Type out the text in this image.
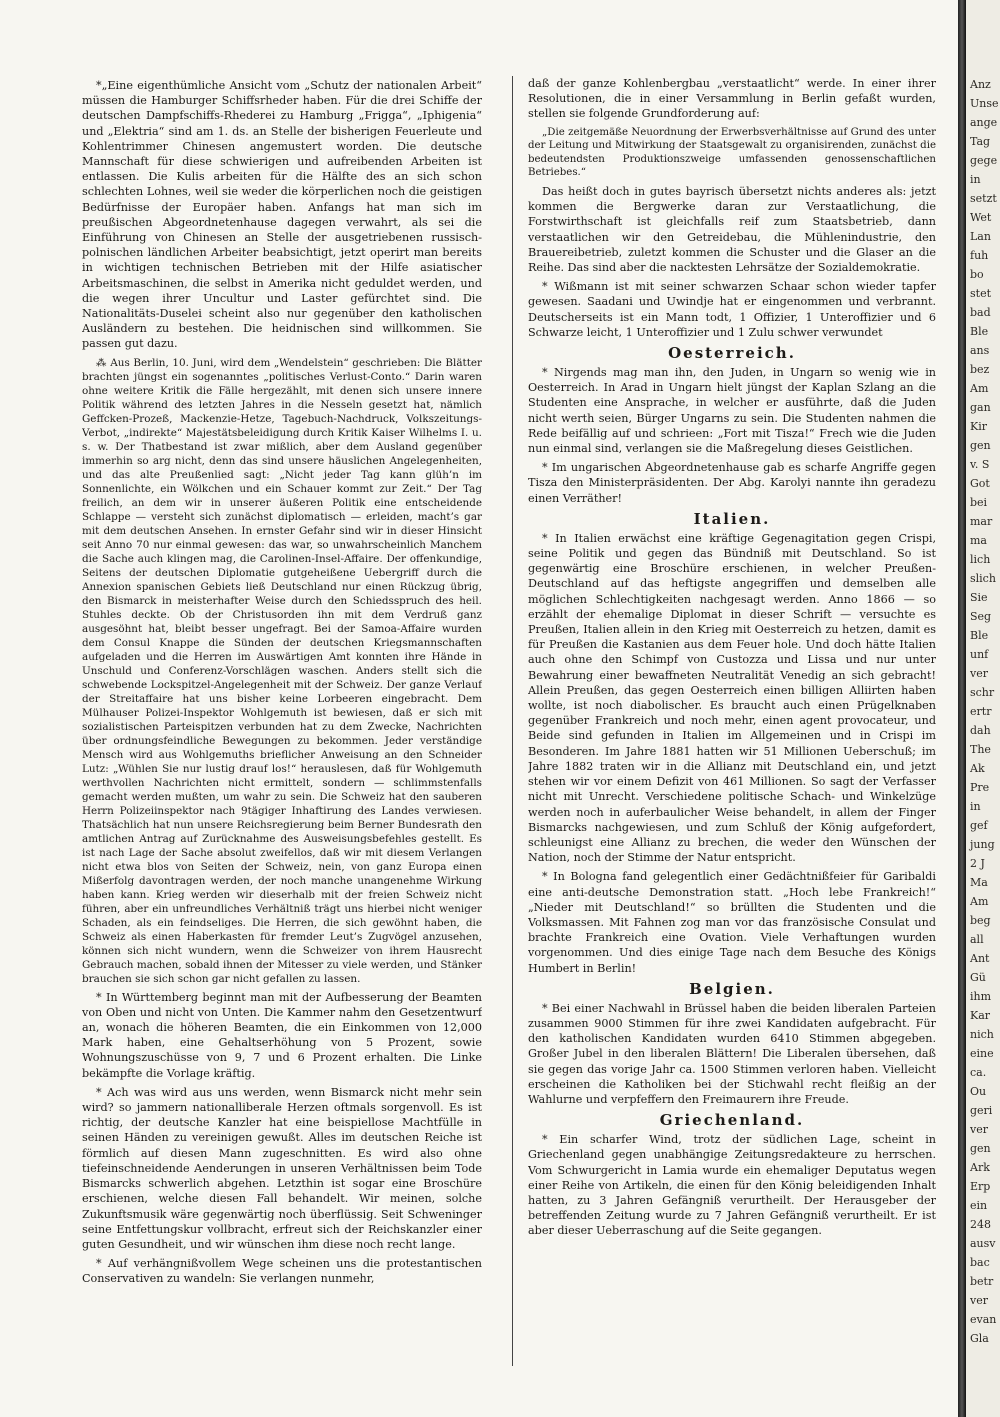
*„Eine eigenthümliche Ansicht vom „Schutz der nationalen Arbeit“ müssen die Hamburger Schiffsrheder haben. Für die drei Schiffe der deutschen Dampfschiffs-Rhederei zu Hamburg „Frigga“, „Iphigenia“ und „Elektria“ sind am 1. ds. an Stelle der bisherigen Feuerleute und Kohlentrimmer Chinesen angemustert worden. Die deutsche Mannschaft für diese schwierigen und aufreibenden Arbeiten ist entlassen. Die Kulis arbeiten für die Hälfte des an sich schon schlechten Lohnes, weil sie weder die körperlichen noch die geistigen Bedürfnisse der Europäer haben. Anfangs hat man sich im preußischen Abgeordnetenhause dagegen verwahrt, als sei die Einführung von Chinesen an Stelle der ausgetriebenen russisch-polnischen ländlichen Arbeiter beabsichtigt, jetzt operirt man bereits in wichtigen technischen Betrieben mit der Hilfe asiatischer Arbeitsmaschinen, die selbst in Amerika nicht geduldet werden, und die wegen ihrer Uncultur und Laster gefürchtet sind. Die Nationalitäts-Duselei scheint also nur gegenüber den katholischen Ausländern zu bestehen. Die heidnischen sind willkommen. Sie passen gut dazu.

⁂ Aus Berlin, 10. Juni, wird dem „Wendelstein“ geschrieben: Die Blätter brachten jüngst ein sogenanntes „politisches Verlust-Conto.“ Darin waren ohne weitere Kritik die Fälle hergezählt, mit denen sich unsere innere Politik während des letzten Jahres in die Nesseln gesetzt hat, nämlich Geffcken-Prozeß, Mackenzie-Hetze, Tagebuch-Nachdruck, Volkszeitungs-Verbot, „indirekte“ Majestätsbeleidigung durch Kritik Kaiser Wilhelms I. u. s. w. Der Thatbestand ist zwar mißlich, aber dem Ausland gegenüber immerhin so arg nicht, denn das sind unsere häuslichen Angelegenheiten, und das alte Preußenlied sagt: „Nicht jeder Tag kann glüh’n im Sonnenlichte, ein Wölkchen und ein Schauer kommt zur Zeit.“ Der Tag freilich, an dem wir in unserer äußeren Politik eine entscheidende Schlappe — versteht sich zunächst diplomatisch — erleiden, macht’s gar mit dem deutschen Ansehen. In ernster Gefahr sind wir in dieser Hinsicht seit Anno 70 nur einmal gewesen: das war, so unwahrscheinlich Manchem die Sache auch klingen mag, die Carolinen-Insel-Affaire. Der offenkundige, Seitens der deutschen Diplomatie gutgeheißene Uebergriff durch die Annexion spanischen Gebiets ließ Deutschland nur einen Rückzug übrig, den Bismarck in meisterhafter Weise durch den Schiedsspruch des heil. Stuhles deckte. Ob der Christusorden ihn mit dem Verdruß ganz ausgesöhnt hat, bleibt besser ungefragt. Bei der Samoa-Affaire wurden dem Consul Knappe die Sünden der deutschen Kriegsmannschaften aufgeladen und die Herren im Auswärtigen Amt konnten ihre Hände in Unschuld und Conferenz-Vorschlägen waschen. Anders stellt sich die schwebende Lockspitzel-Angelegenheit mit der Schweiz. Der ganze Verlauf der Streitaffaire hat uns bisher keine Lorbeeren eingebracht. Dem Mülhauser Polizei-Inspektor Wohlgemuth ist bewiesen, daß er sich mit sozialistischen Parteispitzen verbunden hat zu dem Zwecke, Nachrichten über ordnungsfeindliche Bewegungen zu bekommen. Jeder verständige Mensch wird aus Wohlgemuths brieflicher Anweisung an den Schneider Lutz: „Wühlen Sie nur lustig drauf los!“ herauslesen, daß für Wohlgemuth werthvollen Nachrichten nicht ermittelt, sondern — schlimmstenfalls gemacht werden mußten, um wahr zu sein. Die Schweiz hat den sauberen Herrn Polizeiinspektor nach 9tägiger Inhaftirung des Landes verwiesen. Thatsächlich hat nun unsere Reichsregierung beim Berner Bundesrath den amtlichen Antrag auf Zurücknahme des Ausweisungsbefehles gestellt. Es ist nach Lage der Sache absolut zweifellos, daß wir mit diesem Verlangen nicht etwa blos von Seiten der Schweiz, nein, von ganz Europa einen Mißerfolg davontragen werden, der noch manche unangenehme Wirkung haben kann. Krieg werden wir dieserhalb mit der freien Schweiz nicht führen, aber ein unfreundliches Verhältniß trägt uns hierbei nicht weniger Schaden, als ein feindseliges. Die Herren, die sich gewöhnt haben, die Schweiz als einen Haberkasten für fremder Leut’s Zugvögel anzusehen, können sich nicht wundern, wenn die Schweizer von ihrem Hausrecht Gebrauch machen, sobald ihnen der Mitesser zu viele werden, und Stänker brauchen sie sich schon gar nicht gefallen zu lassen.

* In Württemberg beginnt man mit der Aufbesserung der Beamten von Oben und nicht von Unten. Die Kammer nahm den Gesetzentwurf an, wonach die höheren Beamten, die ein Einkommen von 12,000 Mark haben, eine Gehaltserhöhung von 5 Prozent, sowie Wohnungszuschüsse von 9, 7 und 6 Prozent erhalten. Die Linke bekämpfte die Vorlage kräftig.

* Ach was wird aus uns werden, wenn Bismarck nicht mehr sein wird? so jammern nationalliberale Herzen oftmals sorgenvoll. Es ist richtig, der deutsche Kanzler hat eine beispiellose Machtfülle in seinen Händen zu vereinigen gewußt. Alles im deutschen Reiche ist förmlich auf diesen Mann zugeschnitten. Es wird also ohne tiefeinschneidende Aenderungen in unseren Verhältnissen beim Tode Bismarcks schwerlich abgehen. Letzthin ist sogar eine Broschüre erschienen, welche diesen Fall behandelt. Wir meinen, solche Zukunftsmusik wäre gegenwärtig noch überflüssig. Seit Schweninger seine Entfettungskur vollbracht, erfreut sich der Reichskanzler einer guten Gesundheit, und wir wünschen ihm diese noch recht lange.

* Auf verhängnißvollem Wege scheinen uns die protestantischen Conservativen zu wandeln: Sie verlangen nunmehr,

daß der ganze Kohlenbergbau „verstaatlicht“ werde. In einer ihrer Resolutionen, die in einer Versammlung in Berlin gefaßt wurden, stellen sie folgende Grundforderung auf:

„Die zeitgemäße Neuordnung der Erwerbsverhältnisse auf Grund des unter der Leitung und Mitwirkung der Staatsgewalt zu organisirenden, zunächst die bedeutendsten Produktionszweige umfassenden genossenschaftlichen Betriebes.“

Das heißt doch in gutes bayrisch übersetzt nichts anderes als: jetzt kommen die Bergwerke daran zur Verstaatlichung, die Forstwirthschaft ist gleichfalls reif zum Staatsbetrieb, dann verstaatlichen wir den Getreidebau, die Mühlenindustrie, den Brauereibetrieb, zuletzt kommen die Schuster und die Glaser an die Reihe. Das sind aber die nacktesten Lehrsätze der Sozialdemokratie.

* Wißmann ist mit seiner schwarzen Schaar schon wieder tapfer gewesen. Saadani und Uwindje hat er eingenommen und verbrannt. Deutscherseits ist ein Mann todt, 1 Offizier, 1 Unteroffizier und 6 Schwarze leicht, 1 Unteroffizier und 1 Zulu schwer verwundet

Oesterreich.

* Nirgends mag man ihn, den Juden, in Ungarn so wenig wie in Oesterreich. In Arad in Ungarn hielt jüngst der Kaplan Szlang an die Studenten eine Ansprache, in welcher er ausführte, daß die Juden nicht werth seien, Bürger Ungarns zu sein. Die Studenten nahmen die Rede beifällig auf und schrieen: „Fort mit Tisza!“ Frech wie die Juden nun einmal sind, verlangen sie die Maßregelung dieses Geistlichen.

* Im ungarischen Abgeordnetenhause gab es scharfe Angriffe gegen Tisza den Ministerpräsidenten. Der Abg. Karolyi nannte ihn geradezu einen Verräther!

Italien.

* In Italien erwächst eine kräftige Gegenagitation gegen Crispi, seine Politik und gegen das Bündniß mit Deutschland. So ist gegenwärtig eine Broschüre erschienen, in welcher Preußen-Deutschland auf das heftigste angegriffen und demselben alle möglichen Schlechtigkeiten nachgesagt werden. Anno 1866 — so erzählt der ehemalige Diplomat in dieser Schrift — versuchte es Preußen, Italien allein in den Krieg mit Oesterreich zu hetzen, damit es für Preußen die Kastanien aus dem Feuer hole. Und doch hätte Italien auch ohne den Schimpf von Custozza und Lissa und nur unter Bewahrung einer bewaffneten Neutralität Venedig an sich gebracht! Allein Preußen, das gegen Oesterreich einen billigen Alliirten haben wollte, ist noch diabolischer. Es braucht auch einen Prügelknaben gegenüber Frankreich und noch mehr, einen agent provocateur, und Beide sind gefunden in Italien im Allgemeinen und in Crispi im Besonderen. Im Jahre 1881 hatten wir 51 Millionen Ueberschuß; im Jahre 1882 traten wir in die Allianz mit Deutschland ein, und jetzt stehen wir vor einem Defizit von 461 Millionen. So sagt der Verfasser nicht mit Unrecht. Verschiedene politische Schach- und Winkelzüge werden noch in auferbaulicher Weise behandelt, in allem der Finger Bismarcks nachgewiesen, und zum Schluß der König aufgefordert, schleunigst eine Allianz zu brechen, die weder den Wünschen der Nation, noch der Stimme der Natur entspricht.

* In Bologna fand gelegentlich einer Gedächtnißfeier für Garibaldi eine anti-deutsche Demonstration statt. „Hoch lebe Frankreich!“ „Nieder mit Deutschland!“ so brüllten die Studenten und die Volksmassen. Mit Fahnen zog man vor das französische Consulat und brachte Frankreich eine Ovation. Viele Verhaftungen wurden vorgenommen. Und dies einige Tage nach dem Besuche des Königs Humbert in Berlin!

Belgien.

* Bei einer Nachwahl in Brüssel haben die beiden liberalen Parteien zusammen 9000 Stimmen für ihre zwei Kandidaten aufgebracht. Für den katholischen Kandidaten wurden 6410 Stimmen abgegeben. Großer Jubel in den liberalen Blättern! Die Liberalen übersehen, daß sie gegen das vorige Jahr ca. 1500 Stimmen verloren haben. Vielleicht erscheinen die Katholiken bei der Stichwahl recht fleißig an der Wahlurne und verpfeffern den Freimaurern ihre Freude.

Griechenland.

* Ein scharfer Wind, trotz der südlichen Lage, scheint in Griechenland gegen unabhängige Zeitungsredakteure zu herrschen. Vom Schwurgericht in Lamia wurde ein ehemaliger Deputatus wegen einer Reihe von Artikeln, die einen für den König beleidigenden Inhalt hatten, zu 3 Jahren Gefängniß verurtheilt. Der Herausgeber der betreffenden Zeitung wurde zu 7 Jahren Gefängniß verurtheilt. Er ist aber dieser Ueberraschung auf die Seite gegangen.

Anz
Unse
ange
Tag
gege
in
setzt
Wet
Lan
fuh
bo
stet
bad
Ble
ans
bez
Am
gan
Kir
gen
v. S
Got
bei
mar
ma
lich
slich
Sie
Seg
Ble
unf
ver
schr
ertr
dah
The
Ak
Pre
in
gef
jung
2 J
Ma
Am
beg
all
Ant
Gü
ihm
Kar
nich
eine
ca.
Ou
geri
ver
gen
Ark
Erp
ein
248
ausv
bac
betr
ver
evan
Gla
